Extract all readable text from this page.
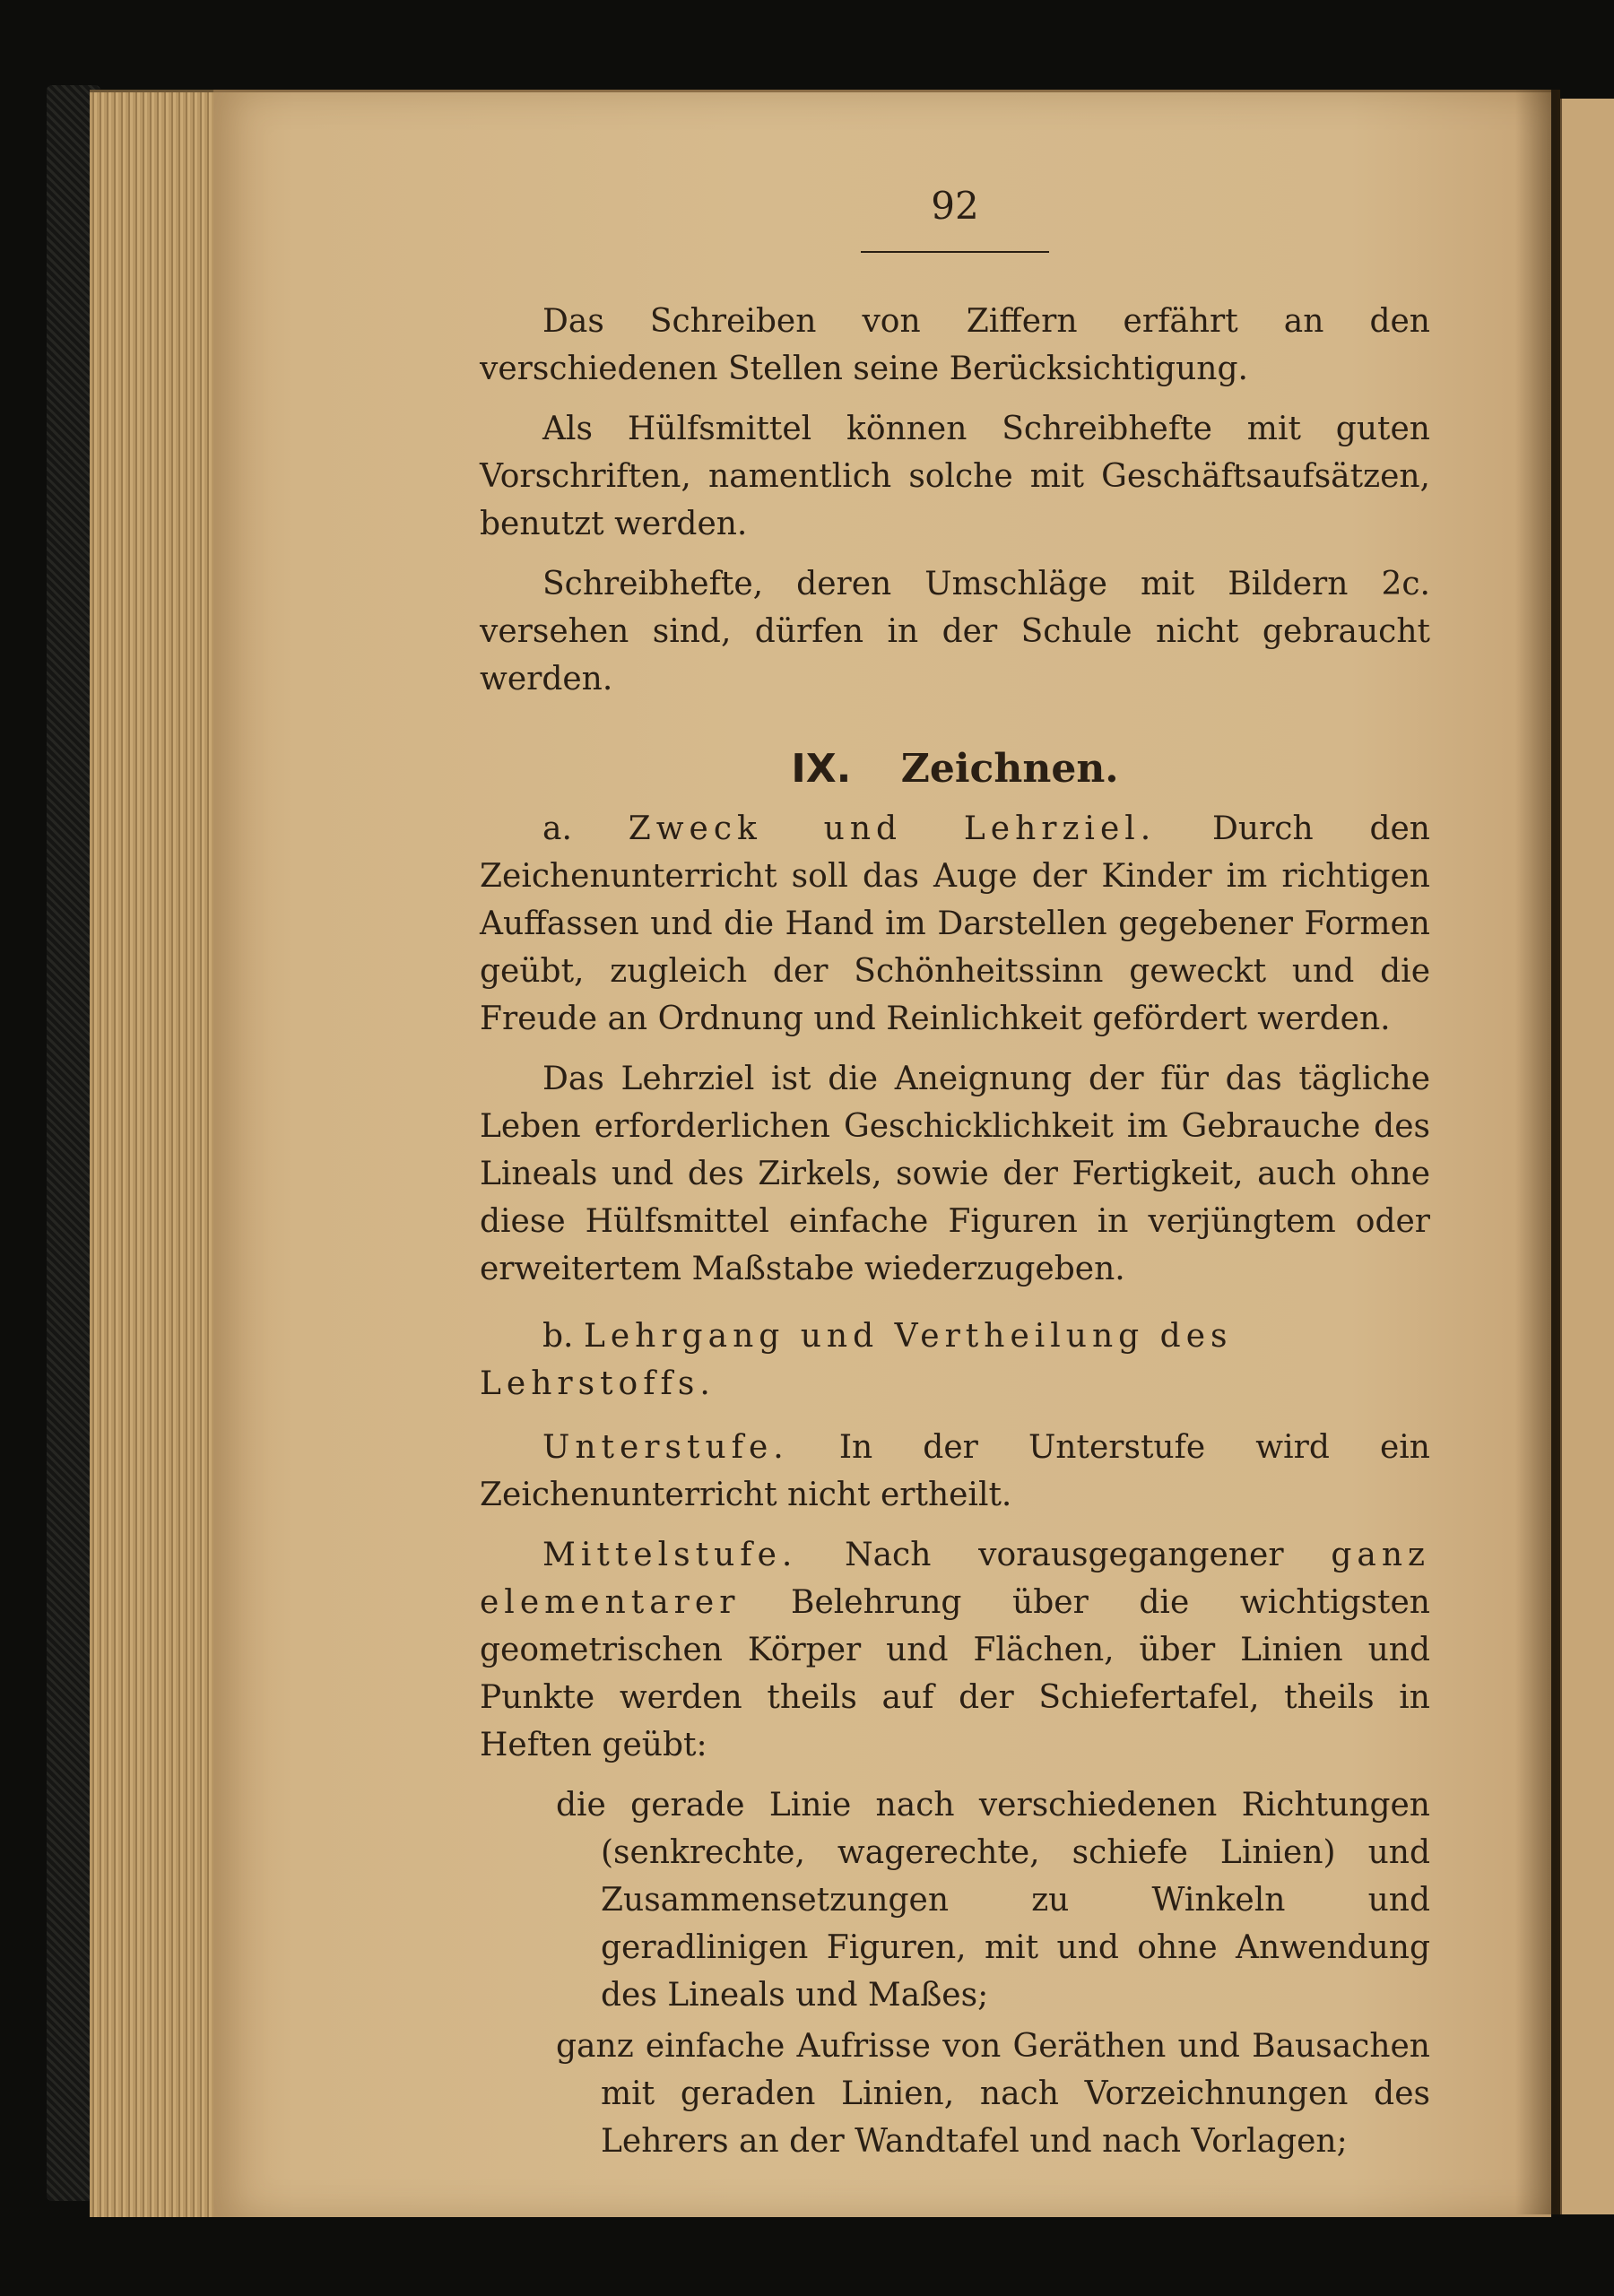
92

Das Schreiben von Ziffern erfährt an den verschiedenen Stellen seine Berücksichtigung.

Als Hülfsmittel können Schreibhefte mit guten Vorschriften, namentlich solche mit Geschäftsaufsätzen, benutzt werden.

Schreibhefte, deren Umschläge mit Bildern 2c. versehen sind, dürfen in der Schule nicht gebraucht werden.

IX. Zeichnen.

a. Zweck und Lehrziel. Durch den Zeichenunterricht soll das Auge der Kinder im richtigen Auffassen und die Hand im Darstellen gegebener Formen geübt, zugleich der Schönheitssinn geweckt und die Freude an Ordnung und Reinlichkeit gefördert werden.

Das Lehrziel ist die Aneignung der für das tägliche Leben erforderlichen Geschicklichkeit im Gebrauche des Lineals und des Zirkels, sowie der Fertigkeit, auch ohne diese Hülfsmittel einfache Figuren in verjüngtem oder erweitertem Maßstabe wiederzugeben.

b. Lehrgang und Vertheilung des Lehrstoffs.

Unterstufe. In der Unterstufe wird ein Zeichenunterricht nicht ertheilt.

Mittelstufe. Nach vorausgegangener ganz elementarer Belehrung über die wichtigsten geometrischen Körper und Flächen, über Linien und Punkte werden theils auf der Schiefertafel, theils in Heften geübt:

die gerade Linie nach verschiedenen Richtungen (senkrechte, wagerechte, schiefe Linien) und Zusammensetzungen zu Winkeln und geradlinigen Figuren, mit und ohne Anwendung des Lineals und Maßes;
ganz einfache Aufrisse von Geräthen und Bausachen mit geraden Linien, nach Vorzeichnungen des Lehrers an der Wandtafel und nach Vorlagen;
